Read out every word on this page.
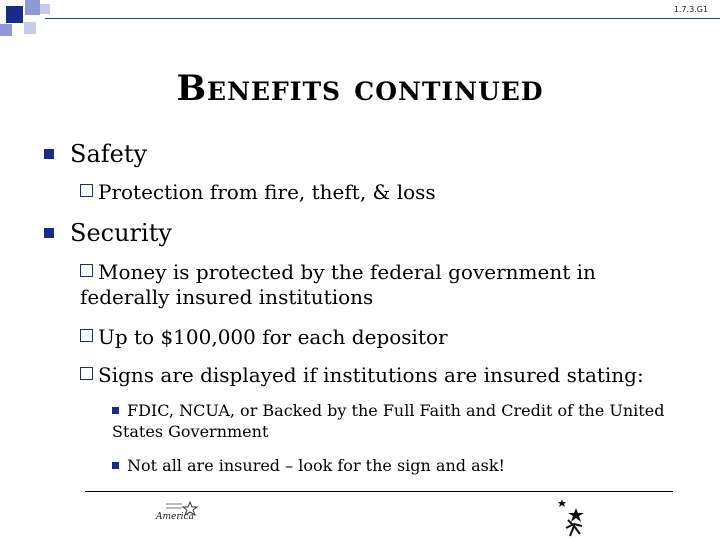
1.7.3.G1
Benefits continued
Safety
Protection from fire, theft, & loss
Security
Money is protected by the federal government in federally insured institutions
Up to $100,000 for each depositor
Signs are displayed if institutions are insured stating:
FDIC, NCUA, or Backed by the Full Faith and Credit of the United States Government
Not all are insured – look for the sign and ask!
America
